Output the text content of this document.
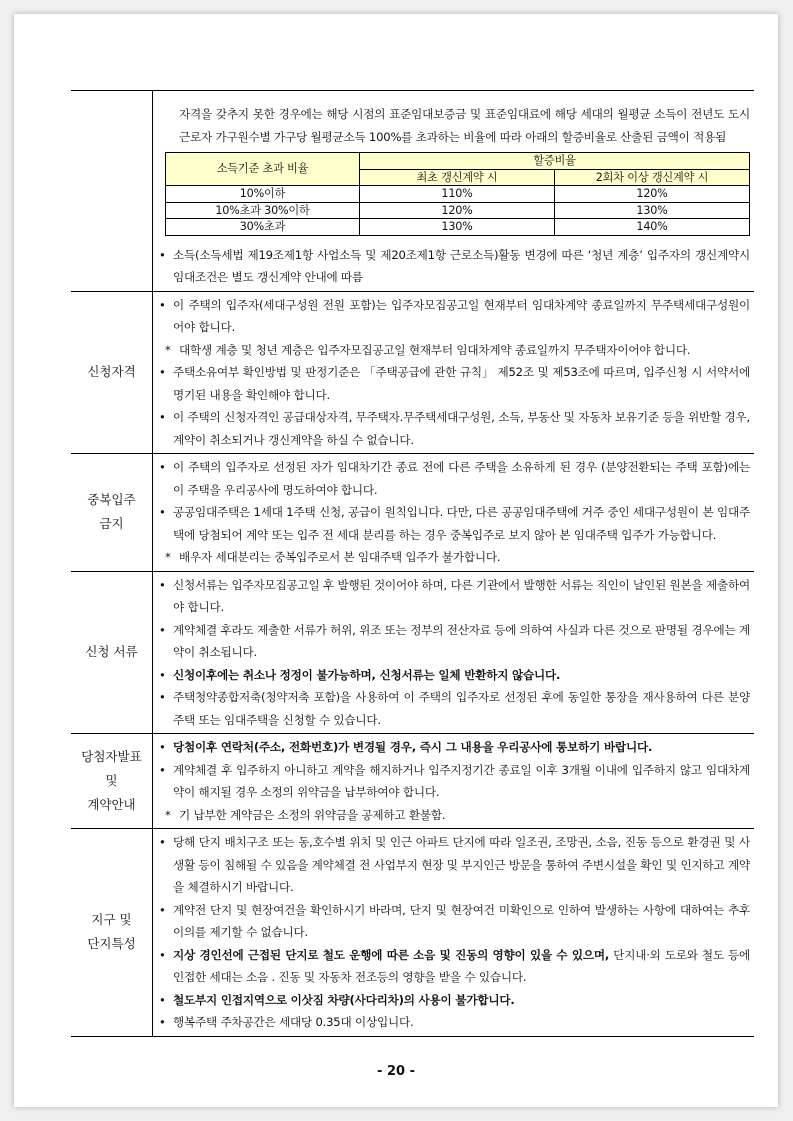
자격을 갖추지 못한 경우에는 해당 시점의 표준임대보증금 및 표준임대료에 해당 세대의 월평균 소득이 전년도 도시근로자 가구원수별 가구당 월평균소득 100%를 초과하는 비율에 따라 아래의 할증비율로 산출된 금액이 적용됨
소득기준 초과 비율	할증비율	
	최초 갱신계약 시	2회차 이상 갱신계약 시
10%이하	110%	120%
10%초과 30%이하	120%	130%
30%초과	130%	140%
• 소득(소득세법 제19조제1항 사업소득 및 제20조제1항 근로소득)활동 변경에 따른 ‘청년 계층’ 입주자의 갱신계약시 임대조건은 별도 갱신계약 안내에 따름
신청자격
• 이 주택의 입주자(세대구성원 전원 포함)는 입주자모집공고일 현재부터 임대차계약 종료일까지 무주택세대구성원이어야 합니다.
* 대학생 계층 및 청년 계층은 입주자모집공고일 현재부터 임대차계약 종료일까지 무주택자이어야 합니다.
• 주택소유여부 확인방법 및 판정기준은 「주택공급에 관한 규칙」 제52조 및 제53조에 따르며, 입주신청 시 서약서에 명기된 내용을 확인해야 합니다.
• 이 주택의 신청자격인 공급대상자격, 무주택자.무주택세대구성원, 소득, 부동산 및 자동차 보유기준 등을 위반할 경우, 계약이 취소되거나 갱신계약을 하실 수 없습니다.
중복입주
금지
• 이 주택의 입주자로 선정된 자가 임대차기간 종료 전에 다른 주택을 소유하게 된 경우 (분양전환되는 주택 포함)에는 이 주택을 우리공사에 명도하여야 합니다.
• 공공임대주택은 1세대 1주택 신청, 공급이 원칙입니다. 다만, 다른 공공임대주택에 거주 중인 세대구성원이 본 임대주택에 당첨되어 계약 또는 입주 전 세대 분리를 하는 경우 중복입주로 보지 않아 본 임대주택 입주가 가능합니다.
* 배우자 세대분리는 중복입주로서 본 임대주택 입주가 불가합니다.
신청 서류
• 신청서류는 입주자모집공고일 후 발행된 것이어야 하며, 다른 기관에서 발행한 서류는 직인이 날인된 원본을 제출하여야 합니다.
• 계약체결 후라도 제출한 서류가 허위, 위조 또는 정부의 전산자료 등에 의하여 사실과 다른 것으로 판명될 경우에는 계약이 취소됩니다.
• 신청이후에는 취소나 정정이 불가능하며, 신청서류는 일체 반환하지 않습니다.
• 주택청약종합저축(청약저축 포함)을 사용하여 이 주택의 입주자로 선정된 후에 동일한 통장을 재사용하여 다른 분양주택 또는 임대주택을 신청할 수 있습니다.
당첨자발표
및
계약안내
• 당첨이후 연락처(주소, 전화번호)가 변경될 경우, 즉시 그 내용을 우리공사에 통보하기 바랍니다.
• 계약체결 후 입주하지 아니하고 계약을 해지하거나 입주지정기간 종료일 이후 3개월 이내에 입주하지 않고 임대차계약이 해지될 경우 소정의 위약금을 납부하여야 합니다.
* 기 납부한 계약금은 소정의 위약금을 공제하고 환불함.
지구 및
단지특성
• 당해 단지 배치구조 또는 동,호수별 위치 및 인근 아파트 단지에 따라 일조권, 조망권, 소음, 진동 등으로 환경권 및 사생활 등이 침해될 수 있음을 계약체결 전 사업부지 현장 및 부지인근 방문을 통하여 주변시설을 확인 및 인지하고 계약을 체결하시기 바랍니다.
• 계약전 단지 및 현장여건을 확인하시기 바라며, 단지 및 현장여건 미확인으로 인하여 발생하는 사항에 대하여는 추후 이의를 제기할 수 없습니다.
• 지상 경인선에 근접된 단지로 철도 운행에 따른 소음 및 진동의 영향이 있을 수 있으며, 단지내·외 도로와 철도 등에 인접한 세대는 소음 . 진동 및 자동차 전조등의 영향을 받을 수 있습니다.
• 철도부지 인접지역으로 이삿짐 차량(사다리차)의 사용이 불가합니다.
• 행복주택 주차공간은 세대당 0.35대 이상입니다.
- 20 -
